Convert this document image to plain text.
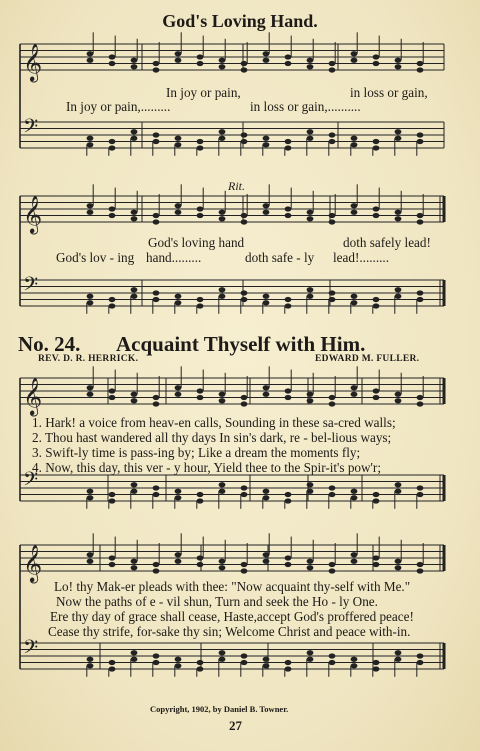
God's Loving Hand.
𝄞
𝄢
𝄞
𝄢
𝄞
𝄢
𝄞
𝄢
In joy or pain,	in loss or gain,
In joy or pain,.........	in loss or gain,..........
Rit.
God's loving hand	doth safely lead!
God's lov - ing hand.........	doth safe - ly lead!.........
No. 24. Acquaint Thyself with Him.
REV. D. R. HERRICK.	EDWARD M. FULLER.
1. Hark! a voice from heav-en calls, Sounding in these sa-cred walls;
2. Thou hast wandered all thy days In sin's dark, re - bel-lious ways;
3. Swift-ly time is pass-ing by; Like a dream the moments fly;
4. Now, this day, this ver - y hour, Yield thee to the Spir-it's pow'r;
Lo! thy Mak-er pleads with thee: "Now acquaint thy-self with Me."
Now the paths of e - vil shun, Turn and seek the Ho - ly One.
Ere thy day of grace shall cease, Haste,accept God's proffered peace!
Cease thy strife, for-sake thy sin; Welcome Christ and peace with-in.
Copyright, 1902, by Daniel B. Towner.
27
